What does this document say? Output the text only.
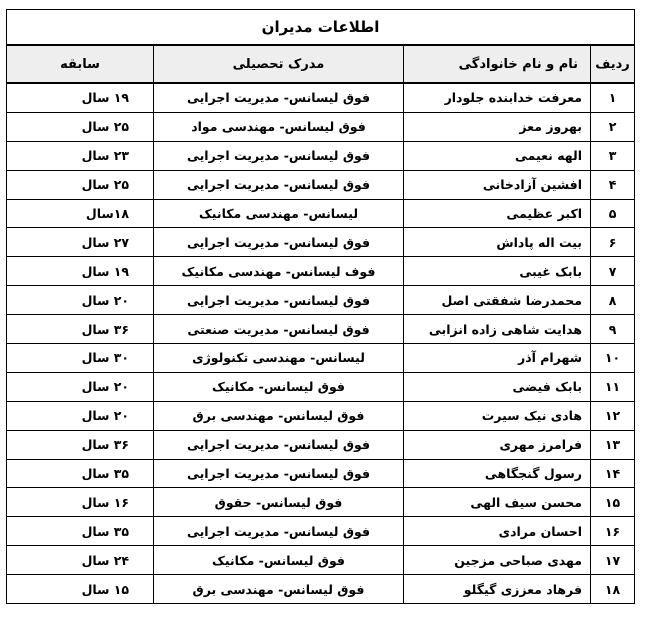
اطلاعات مدیران			
ردیف	نام و نام خانوادگی	مدرک تحصیلی	سابقه
۱	معرفت خدابنده جلودار	فوق لیسانس- مدیریت اجرایی	۱۹ سال
۲	بهروز معز	فوق لیسانس- مهندسی مواد	۲۵ سال
۳	الهه نعیمی	فوق لیسانس- مدیریت اجرایی	۲۳ سال
۴	افشین آزادخانی	فوق لیسانس- مدیریت اجرایی	۲۵ سال
۵	اکبر عظیمی	لیسانس- مهندسی مکانیک	۱۸سال
۶	بیت اله پاداش	فوق لیسانس- مدیریت اجرایی	۲۷ سال
۷	بابک غیبی	فوف لیسانس- مهندسی مکانیک	۱۹ سال
۸	محمدرضا شفقتی اصل	فوق لیسانس- مدیریت اجرایی	۲۰ سال
۹	هدایت شاهی زاده انزابی	فوق لیسانس- مدیریت صنعتی	۳۶ سال
۱۰	شهرام آذر	لیسانس- مهندسی تکنولوژی	۳۰ سال
۱۱	بابک فیضی	فوق لیسانس- مکانیک	۲۰ سال
۱۲	هادی نیک سیرت	فوق لیسانس- مهندسی برق	۲۰ سال
۱۳	فرامرز مهری	فوق لیسانس- مدیریت اجرایی	۳۶ سال
۱۴	رسول گنجگاهی	فوق لیسانس- مدیریت اجرایی	۳۵ سال
۱۵	محسن سیف الهی	فوق لیسانس- حقوق	۱۶ سال
۱۶	احسان مرادی	فوق لیسانس- مدیریت اجرایی	۳۵ سال
۱۷	مهدی صباحی مزجین	فوق لیسانس- مکانیک	۲۴ سال
۱۸	فرهاد معززی گیگلو	فوق لیسانس- مهندسی برق	۱۵ سال
